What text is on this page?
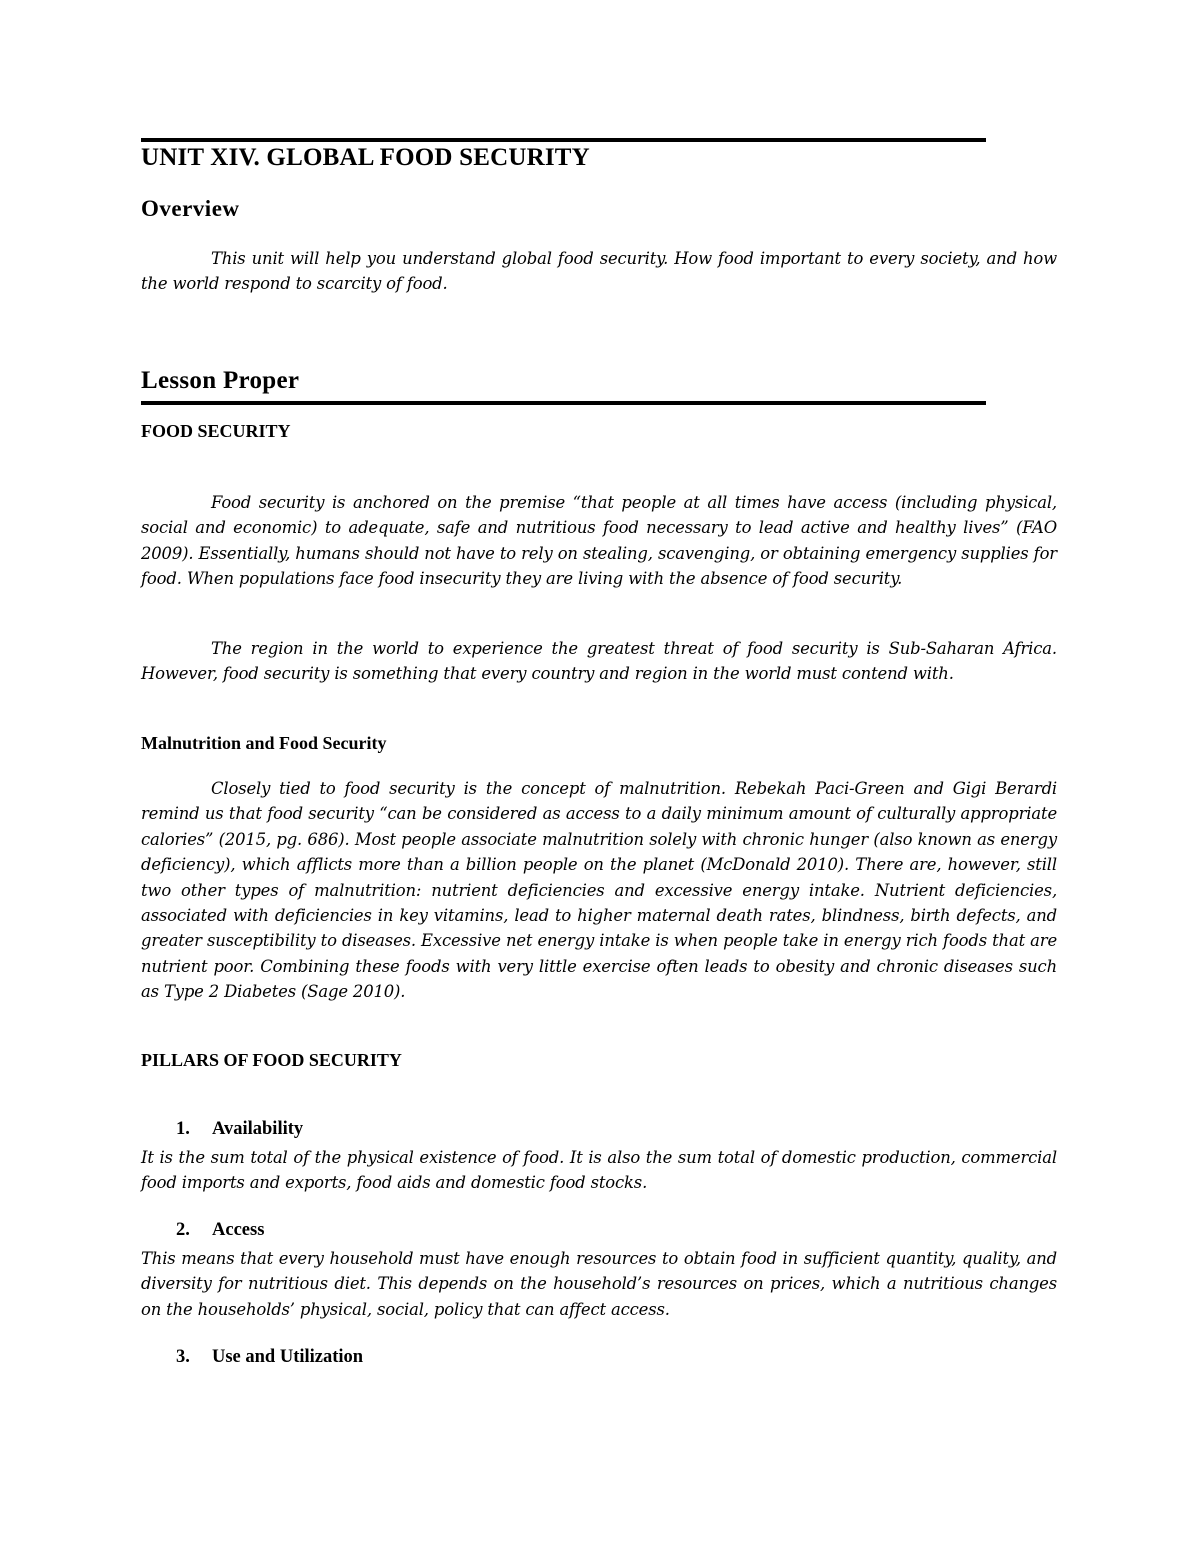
UNIT XIV. GLOBAL FOOD SECURITY
Overview

This unit will help you understand global food security. How food important to every society, and how the world respond to scarcity of food.

Lesson Proper
FOOD SECURITY

Food security is anchored on the premise “that people at all times have access (including physical, social and economic) to adequate, safe and nutritious food necessary to lead active and healthy lives” (FAO 2009). Essentially, humans should not have to rely on stealing, scavenging, or obtaining emergency supplies for food. When populations face food insecurity they are living with the absence of food security.

The region in the world to experience the greatest threat of food security is Sub-Saharan Africa. However, food security is something that every country and region in the world must contend with.

Malnutrition and Food Security

Closely tied to food security is the concept of malnutrition. Rebekah Paci-Green and Gigi Berardi remind us that food security “can be considered as access to a daily minimum amount of culturally appropriate calories” (2015, pg. 686). Most people associate malnutrition solely with chronic hunger (also known as energy deficiency), which afflicts more than a billion people on the planet (McDonald 2010). There are, however, still two other types of malnutrition: nutrient deficiencies and excessive energy intake. Nutrient deficiencies, associated with deficiencies in key vitamins, lead to higher maternal death rates, blindness, birth defects, and greater susceptibility to diseases. Excessive net energy intake is when people take in energy rich foods that are nutrient poor. Combining these foods with very little exercise often leads to obesity and chronic diseases such as Type 2 Diabetes (Sage 2010).

PILLARS OF FOOD SECURITY
1. Availability

It is the sum total of the physical existence of food. It is also the sum total of domestic production, commercial food imports and exports, food aids and domestic food stocks.

2. Access

This means that every household must have enough resources to obtain food in sufficient quantity, quality, and diversity for nutritious diet. This depends on the household’s resources on prices, which a nutritious changes on the households’ physical, social, policy that can affect access.

3. Use and Utilization
